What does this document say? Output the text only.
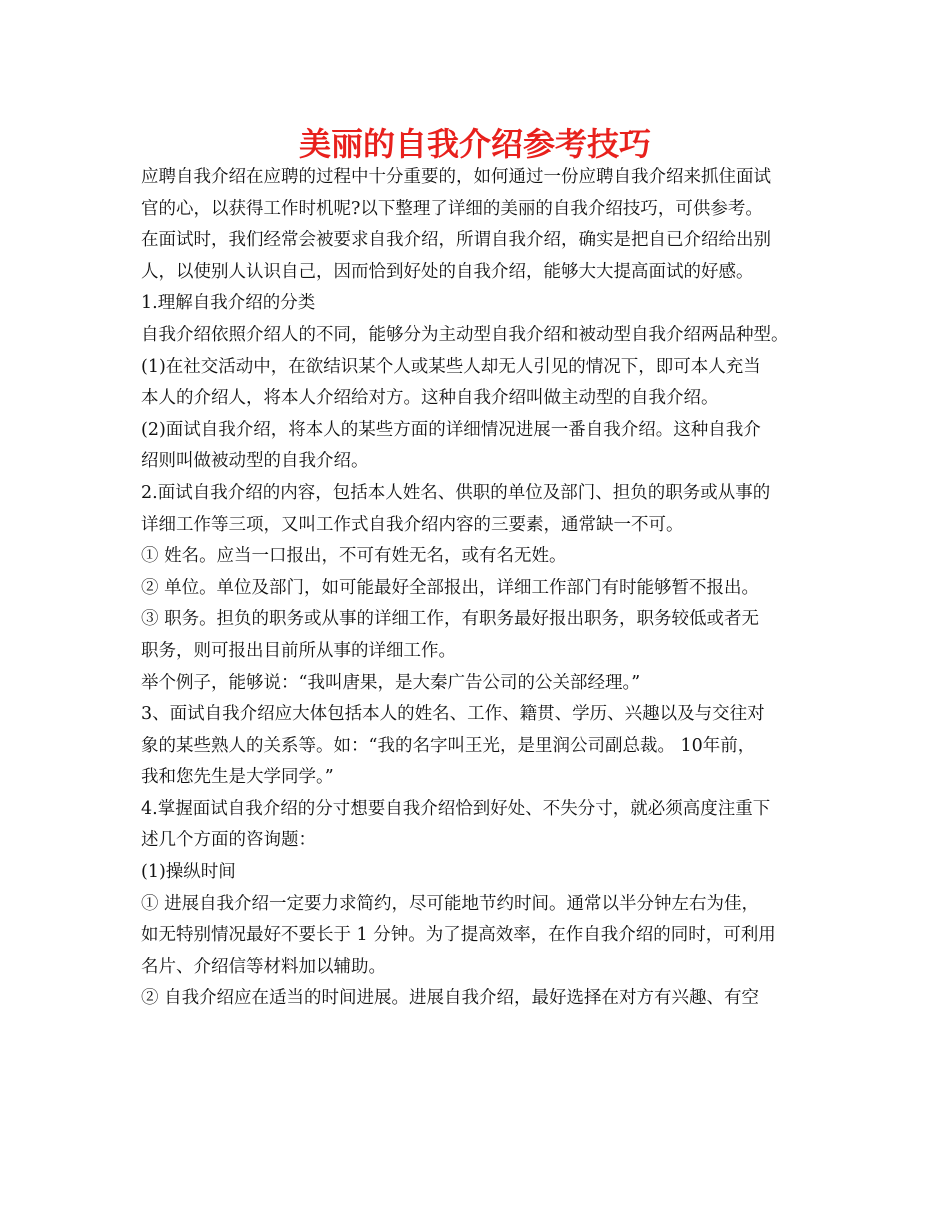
美丽的自我介绍参考技巧
应聘自我介绍在应聘的过程中十分重要的，如何通过一份应聘自我介绍来抓住面试
官的心，以获得工作时机呢?以下整理了详细的美丽的自我介绍技巧，可供参考。
在面试时，我们经常会被要求自我介绍，所谓自我介绍，确实是把自已介绍给出别
人，以使别人认识自己，因而恰到好处的自我介绍，能够大大提高面试的好感。
1.理解自我介绍的分类
自我介绍依照介绍人的不同，能够分为主动型自我介绍和被动型自我介绍两品种型。
(1)在社交活动中，在欲结识某个人或某些人却无人引见的情况下，即可本人充当
本人的介绍人，将本人介绍给对方。这种自我介绍叫做主动型的自我介绍。
(2)面试自我介绍，将本人的某些方面的详细情况进展一番自我介绍。这种自我介
绍则叫做被动型的自我介绍。
2.面试自我介绍的内容，包括本人姓名、供职的单位及部门、担负的职务或从事的
详细工作等三项，又叫工作式自我介绍内容的三要素，通常缺一不可。
① 姓名。应当一口报出，不可有姓无名，或有名无姓。
② 单位。单位及部门，如可能最好全部报出，详细工作部门有时能够暂不报出。
③ 职务。担负的职务或从事的详细工作，有职务最好报出职务，职务较低或者无
职务，则可报出目前所从事的详细工作。
举个例子，能够说：“我叫唐果，是大秦广告公司的公关部经理。”
3、面试自我介绍应大体包括本人的姓名、工作、籍贯、学历、兴趣以及与交往对
象的某些熟人的关系等。如：“我的名字叫王光，是里润公司副总裁。 10年前，
我和您先生是大学同学。”
4.掌握面试自我介绍的分寸想要自我介绍恰到好处、不失分寸，就必须高度注重下
述几个方面的咨询题：
(1)操纵时间
① 进展自我介绍一定要力求简约，尽可能地节约时间。通常以半分钟左右为佳，
如无特别情况最好不要长于 1 分钟。为了提高效率，在作自我介绍的同时，可利用
名片、介绍信等材料加以辅助。
② 自我介绍应在适当的时间进展。进展自我介绍，最好选择在对方有兴趣、有空
